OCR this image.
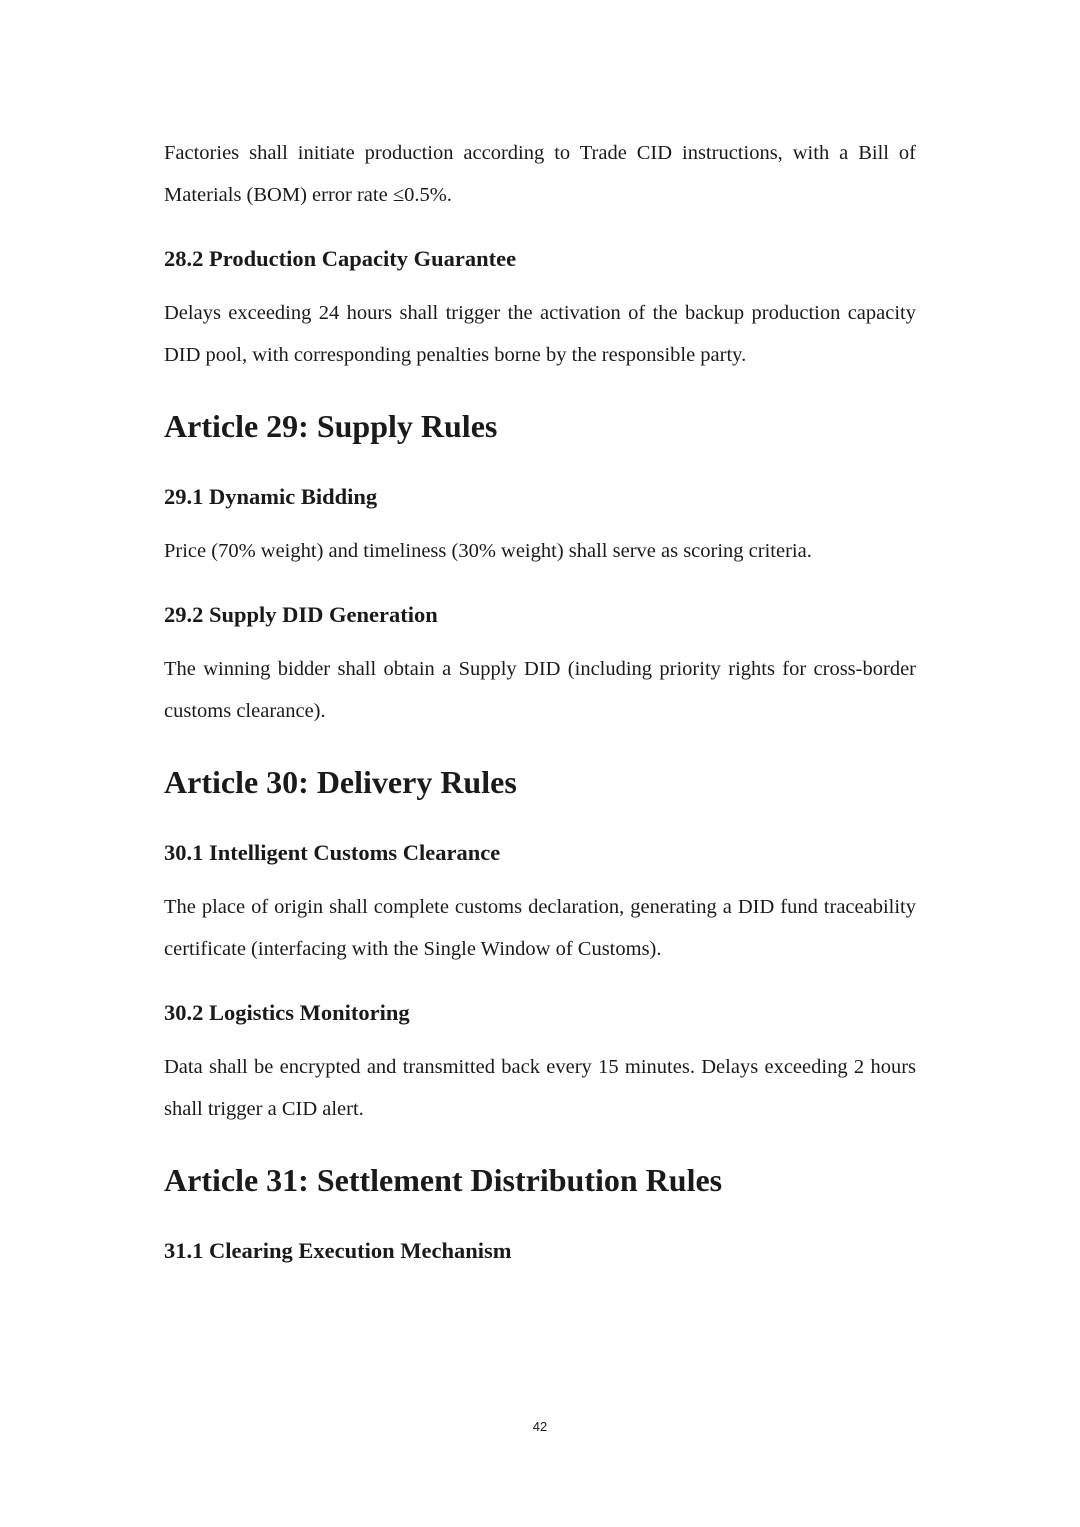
Factories shall initiate production according to Trade CID instructions, with a Bill of Materials (BOM) error rate ≤0.5%.

28.2 Production Capacity Guarantee

Delays exceeding 24 hours shall trigger the activation of the backup production capacity DID pool, with corresponding penalties borne by the responsible party.

Article 29: Supply Rules
29.1 Dynamic Bidding

Price (70% weight) and timeliness (30% weight) shall serve as scoring criteria.

29.2 Supply DID Generation

The winning bidder shall obtain a Supply DID (including priority rights for cross-border customs clearance).

Article 30: Delivery Rules
30.1 Intelligent Customs Clearance

The place of origin shall complete customs declaration, generating a DID fund traceability certificate (interfacing with the Single Window of Customs).

30.2 Logistics Monitoring

Data shall be encrypted and transmitted back every 15 minutes. Delays exceeding 2 hours shall trigger a CID alert.

Article 31: Settlement Distribution Rules
31.1 Clearing Execution Mechanism
42
